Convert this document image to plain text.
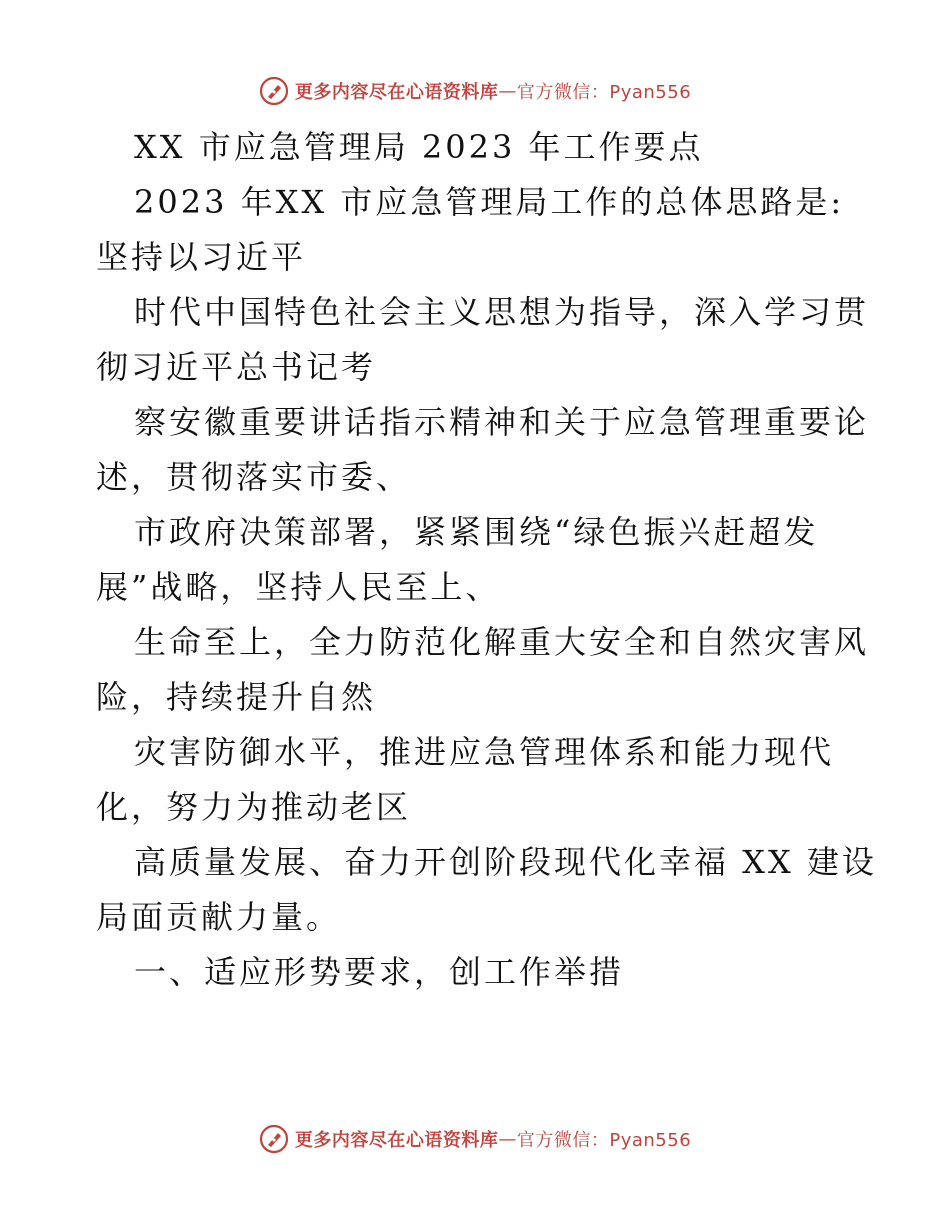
更多内容尽在心语资料库 — 官方微信：Pyan556
XX 市应急管理局 2023 年工作要点
2023 年XX 市应急管理局工作的总体思路是:
坚持以习近平
时代中国特色社会主义思想为指导，深入学习贯
彻习近平总书记考
察安徽重要讲话指示精神和关于应急管理重要论
述，贯彻落实市委、
市政府决策部署，紧紧围绕“绿色振兴赶超发
展”战略，坚持人民至上、
生命至上，全力防范化解重大安全和自然灾害风
险，持续提升自然
灾害防御水平，推进应急管理体系和能力现代
化，努力为推动老区
高质量发展、奋力开创阶段现代化幸福 XX 建设
局面贡献力量。
一、适应形势要求，创工作举措
更多内容尽在心语资料库 — 官方微信：Pyan556
